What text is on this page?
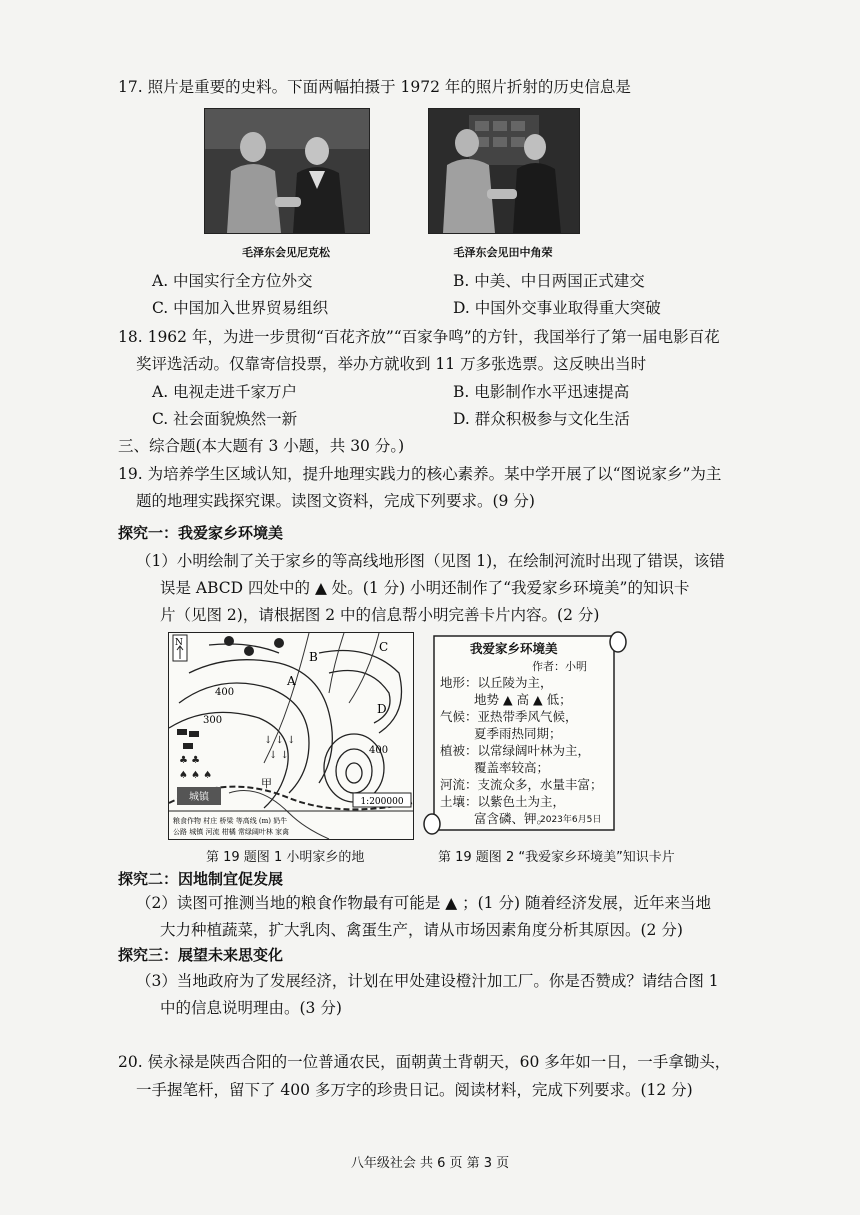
17. 照片是重要的史料。下面两幅拍摄于 1972 年的照片折射的历史信息是
毛泽东会见尼克松	毛泽东会见田中角荣
A. 中国实行全方位外交	B. 中美、中日两国正式建交
C. 中国加入世界贸易组织	D. 中国外交事业取得重大突破
18. 1962 年，为进一步贯彻“百花齐放”“百家争鸣”的方针，我国举行了第一届电影百花
奖评选活动。仅靠寄信投票，举办方就收到 11 万多张选票。这反映出当时
A. 电视走进千家万户	B. 电影制作水平迅速提高
C. 社会面貌焕然一新	D. 群众积极参与文化生活
三、综合题(本大题有 3 小题，共 30 分。)
19. 为培养学生区域认知，提升地理实践力的核心素养。某中学开展了以“图说家乡”为主
题的地理实践探究课。读图文资料，完成下列要求。(9 分)
探究一：我爱家乡环境美
（1）小明绘制了关于家乡的等高线地形图（见图 1)，在绘制河流时出现了错误，该错
误是 ABCD 四处中的 ▲ 处。(1 分) 小明还制作了“我爱家乡环境美”的知识卡
片（见图 2)，请根据图 2 中的信息帮小明完善卡片内容。(2 分)
城镇
甲
A
B
C
D
400
300
400
N
1:200000
♣ ♣
♠ ♠ ♠
↓ ↓ ↓
↓ ↓
粮食作物 村庄 桥梁 等高线 (m) 奶牛
公路 城镇 河流 柑橘 常绿阔叶林 家禽
我爱家乡环境美
作者：小明
地形：以丘陵为主，
地势 ▲ 高 ▲ 低；
气候：亚热带季风气候，
夏季雨热同期；
植被：以常绿阔叶林为主，
覆盖率较高；
河流：支流众多，水量丰富；
土壤：以紫色土为主，
富含磷、钾。
2023年6月5日
第 19 题图 1 小明家乡的地	第 19 题图 2 “我爱家乡环境美”知识卡片
探究二：因地制宜促发展
（2）读图可推测当地的粮食作物最有可能是 ▲ ；(1 分) 随着经济发展，近年来当地
大力种植蔬菜，扩大乳肉、禽蛋生产，请从市场因素角度分析其原因。(2 分)
探究三：展望未来思变化
（3）当地政府为了发展经济，计划在甲处建设橙汁加工厂。你是否赞成？请结合图 1
中的信息说明理由。(3 分)
20. 侯永禄是陕西合阳的一位普通农民，面朝黄土背朝天，60 多年如一日，一手拿锄头，
一手握笔杆，留下了 400 多万字的珍贵日记。阅读材料，完成下列要求。(12 分)
八年级社会 共 6 页 第 3 页
